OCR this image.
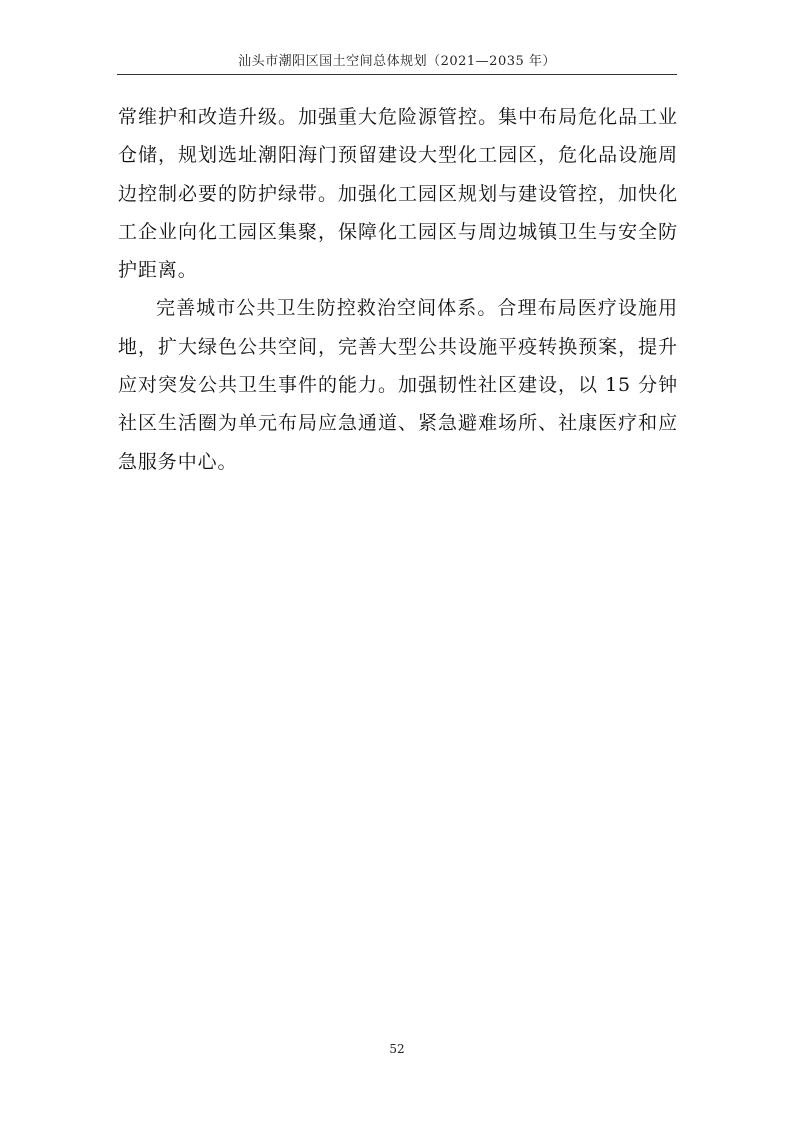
汕头市潮阳区国土空间总体规划（2021—2035 年）

常维护和改造升级。加强重大危险源管控。集中布局危化品工业仓储，规划选址潮阳海门预留建设大型化工园区，危化品设施周边控制必要的防护绿带。加强化工园区规划与建设管控，加快化工企业向化工园区集聚，保障化工园区与周边城镇卫生与安全防护距离。

完善城市公共卫生防控救治空间体系。合理布局医疗设施用地，扩大绿色公共空间，完善大型公共设施平疫转换预案，提升应对突发公共卫生事件的能力。加强韧性社区建设，以 15 分钟社区生活圈为单元布局应急通道、紧急避难场所、社康医疗和应急服务中心。

52
